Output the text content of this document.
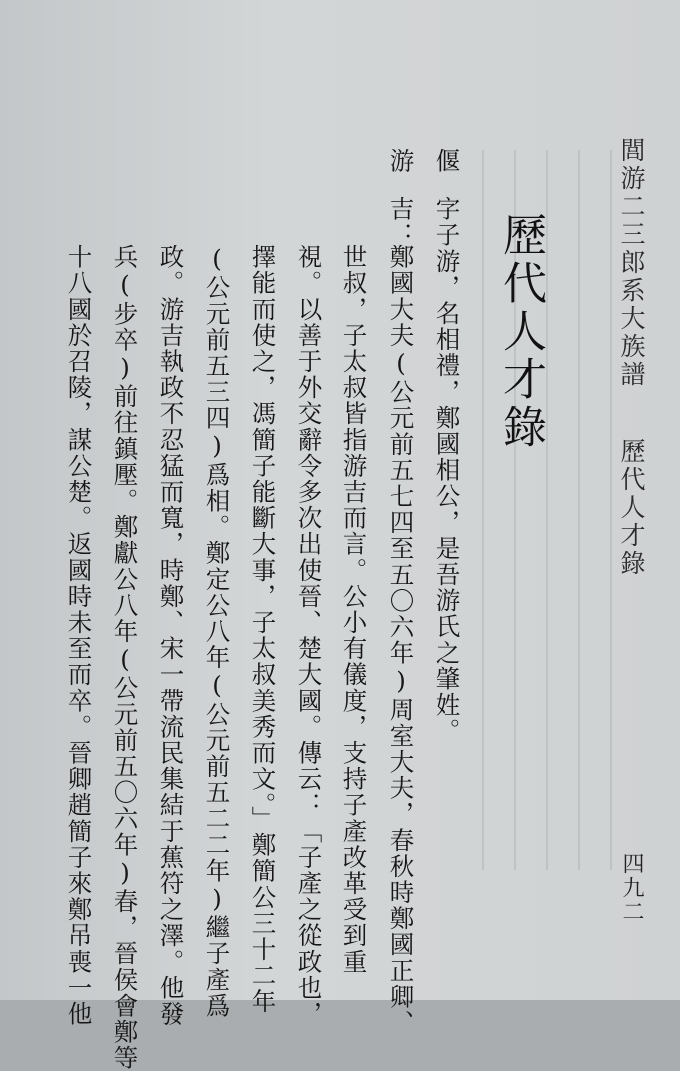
閭游二三郎系大族譜
歷代人才錄
四九二
歷代人才錄
偃
游
字子游，名相禮，鄭國相公，是吾游氏之肇姓。
吉：
鄭國大夫(公元前五七四至五〇六年)周室大夫，春秋時鄭國正卿、
世叔，子太叔皆指游吉而言。公小有儀度，支持子產改革受到重
視。以善于外交辭令多次出使晉、楚大國。傳云：「子產之從政也，
擇能而使之，馮簡子能斷大事，子太叔美秀而文。」鄭簡公三十二年
(公元前五三四)爲相。鄭定公八年(公元前五二二年)繼子產爲
政。游吉執政不忍猛而寬，時鄭、宋一帶流民集結于蕉符之澤。他發
兵(步卒)前往鎮壓。鄭獻公八年(公元前五〇六年)春，晉侯會鄭等
十八國於召陵，謀公楚。返國時未至而卒。晉卿趙簡子來鄭吊喪一他
